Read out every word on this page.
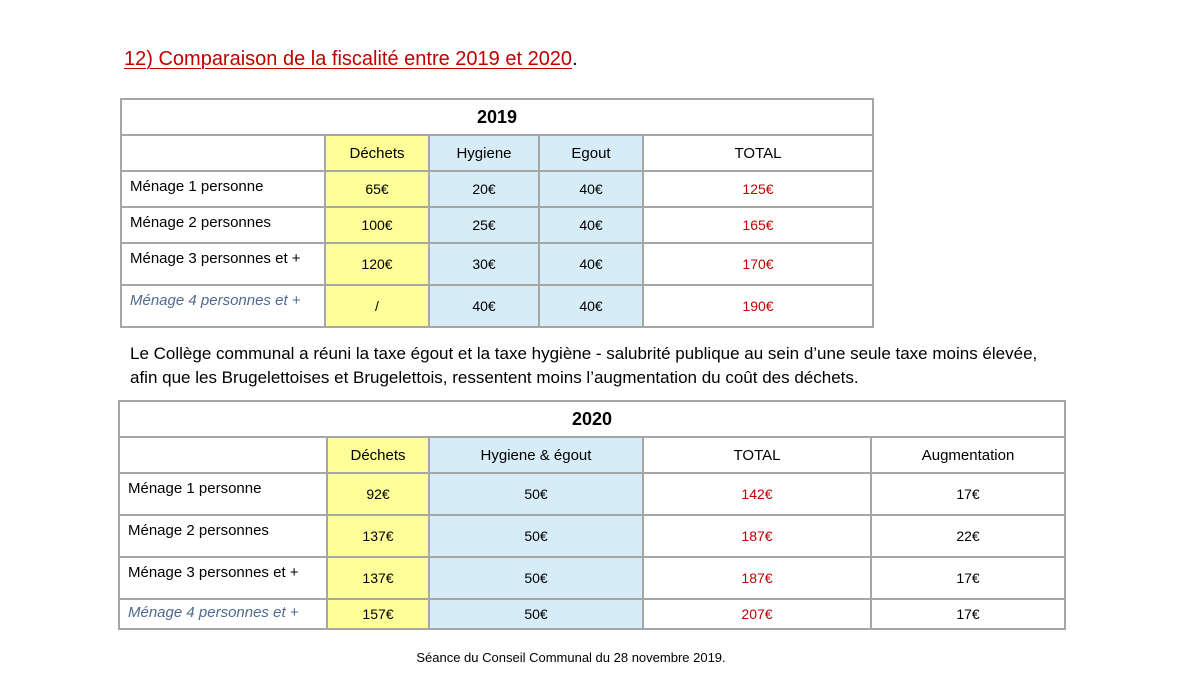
12) Comparaison de la fiscalité entre 2019 et 2020.
2019				
	Déchets	Hygiene	Egout	TOTAL
Ménage 1 personne	65€	20€	40€	125€
Ménage 2 personnes	100€	25€	40€	165€
Ménage 3 personnes et +	120€	30€	40€	170€
Ménage 4 personnes et +	/	40€	40€	190€
Le Collège communal a réuni la taxe égout et la taxe hygiène - salubrité publique au sein d’une seule taxe moins élevée, afin que les Brugelettoises et Brugelettois, ressentent moins l’augmentation du coût des déchets.
2020				
	Déchets	Hygiene & égout	TOTAL	Augmentation
Ménage 1 personne	92€	50€	142€	17€
Ménage 2 personnes	137€	50€	187€	22€
Ménage 3 personnes et +	137€	50€	187€	17€
Ménage 4 personnes et +	157€	50€	207€	17€
Séance du Conseil Communal du 28 novembre 2019.
